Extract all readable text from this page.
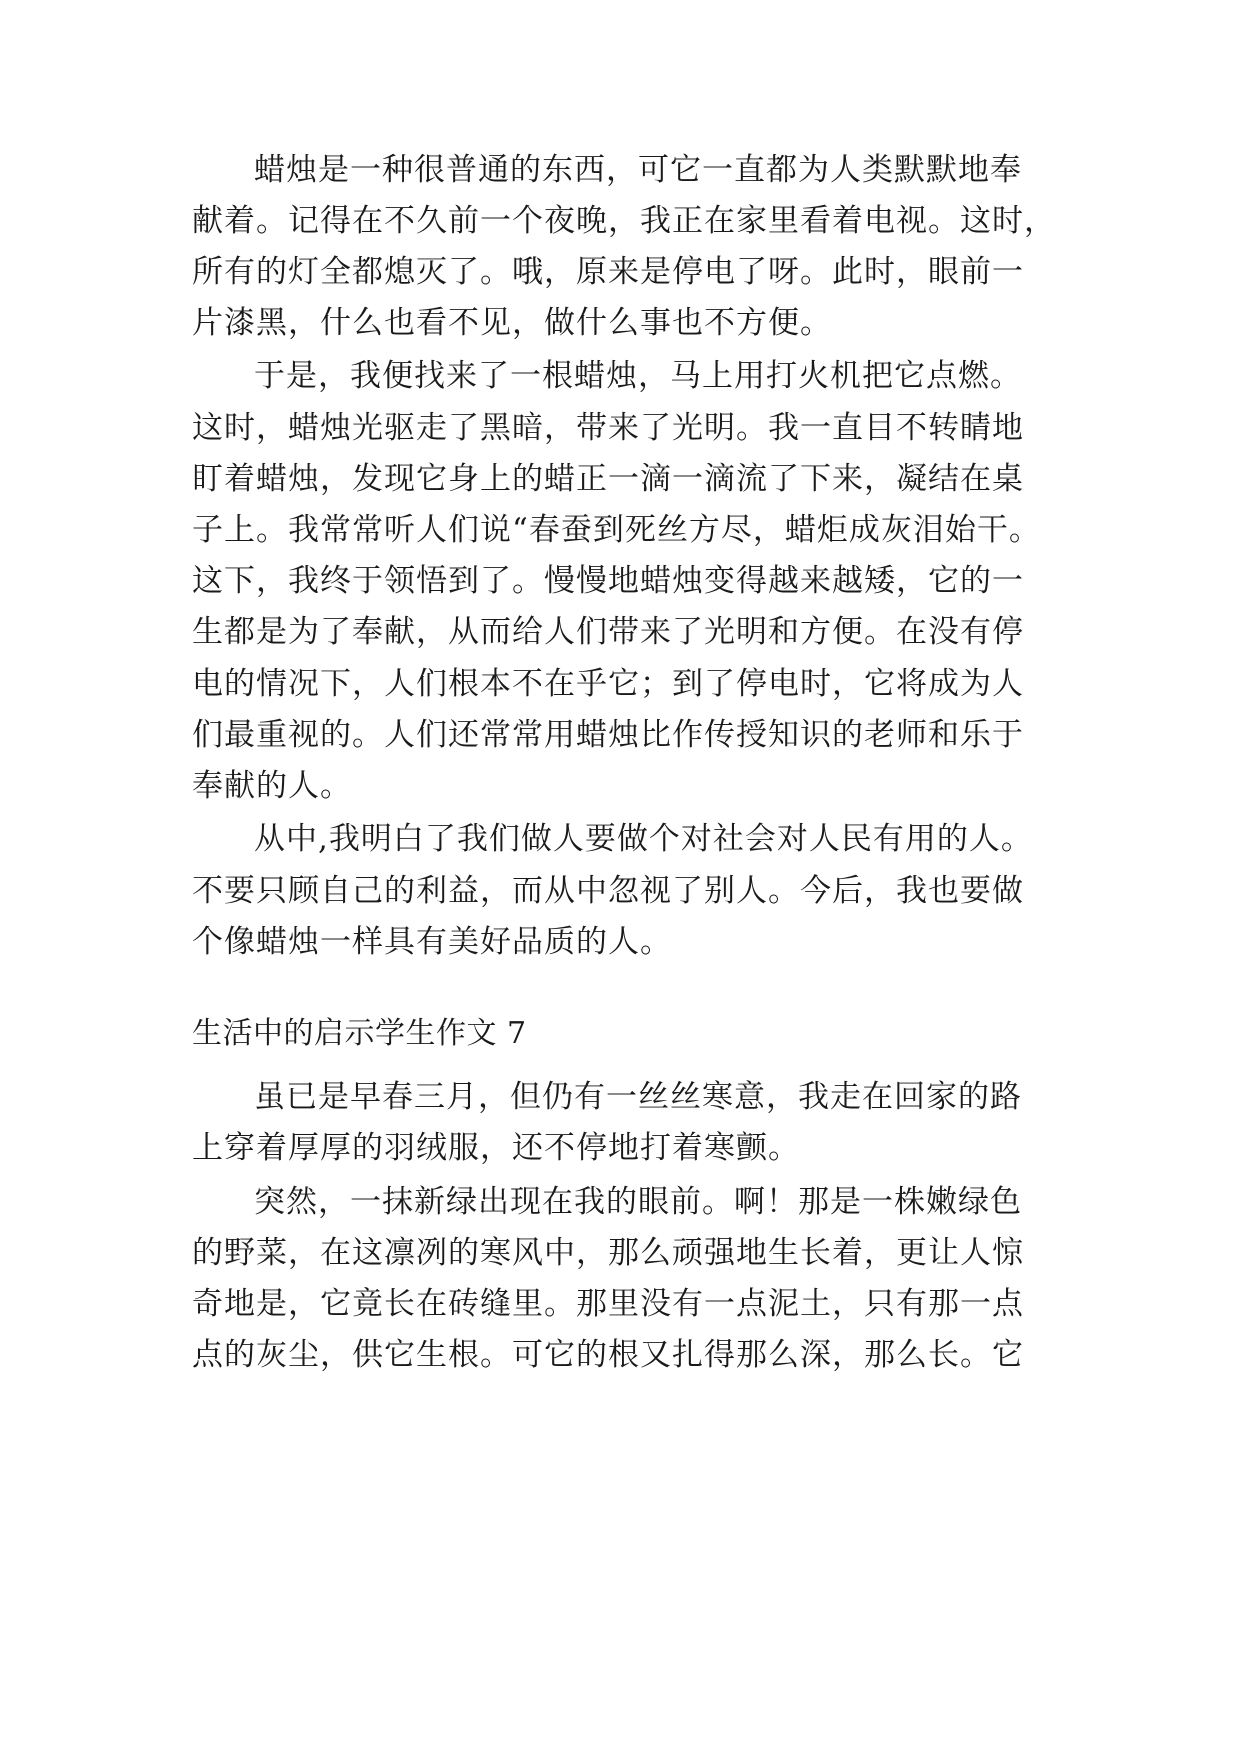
蜡烛是一种很普通的东西，可它一直都为人类默默地奉
献着。记得在不久前一个夜晚，我正在家里看着电视。这时，
所有的灯全都熄灭了。哦，原来是停电了呀。此时，眼前一
片漆黑，什么也看不见，做什么事也不方便。
于是，我便找来了一根蜡烛，马上用打火机把它点燃。
这时，蜡烛光驱走了黑暗，带来了光明。我一直目不转睛地
盯着蜡烛，发现它身上的蜡正一滴一滴流了下来，凝结在桌
子上。我常常听人们说“春蚕到死丝方尽，蜡炬成灰泪始干。
这下，我终于领悟到了。慢慢地蜡烛变得越来越矮，它的一
生都是为了奉献，从而给人们带来了光明和方便。在没有停
电的情况下，人们根本不在乎它；到了停电时，它将成为人
们最重视的。人们还常常用蜡烛比作传授知识的老师和乐于
奉献的人。
从中,我明白了我们做人要做个对社会对人民有用的人。
不要只顾自己的利益，而从中忽视了别人。今后，我也要做
个像蜡烛一样具有美好品质的人。
生活中的启示学生作文 7
虽已是早春三月，但仍有一丝丝寒意，我走在回家的路
上穿着厚厚的羽绒服，还不停地打着寒颤。
突然，一抹新绿出现在我的眼前。啊！那是一株嫩绿色
的野菜，在这凛冽的寒风中，那么顽强地生长着，更让人惊
奇地是，它竟长在砖缝里。那里没有一点泥土，只有那一点
点的灰尘，供它生根。可它的根又扎得那么深，那么长。它
